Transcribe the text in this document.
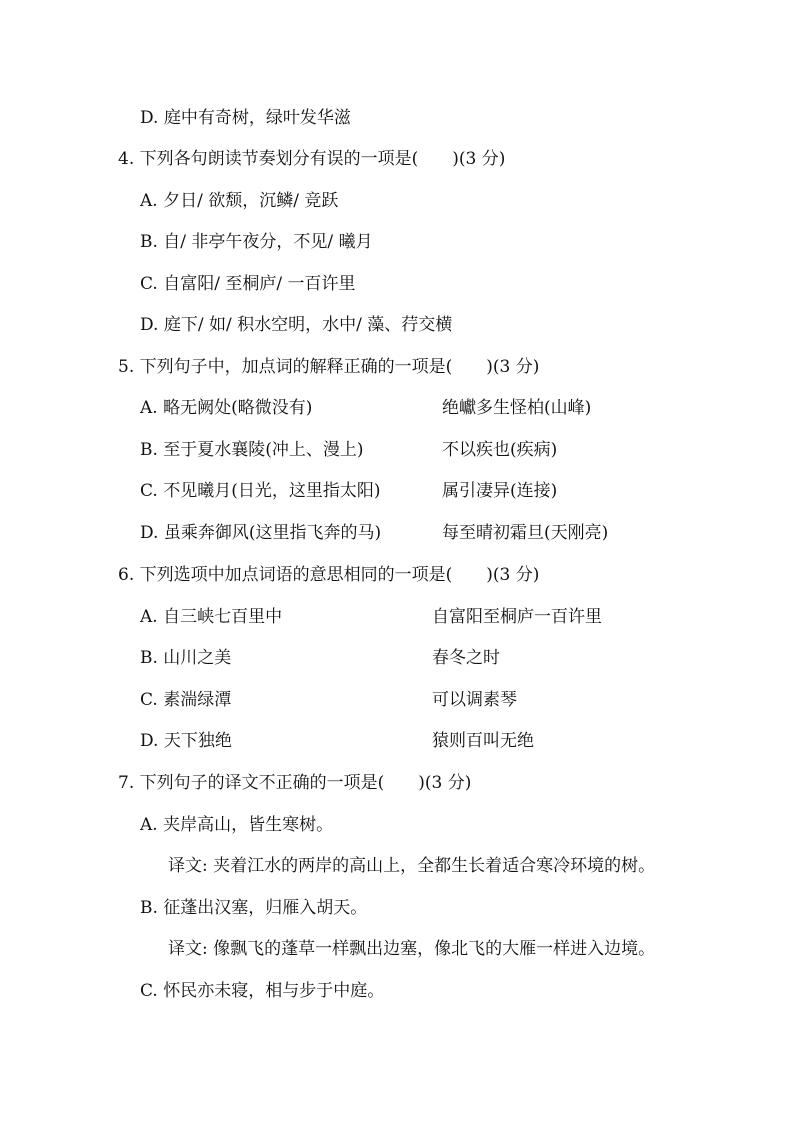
D. 庭中有奇树，绿叶发华滋
4. 下列各句朗读节奏划分有误的一项是(　　)(3 分)
A. 夕日/ 欲颓，沉鳞/ 竞跃
B. 自/ 非亭午夜分，不见/ 曦月
C. 自富阳/ 至桐庐/ 一百许里
D. 庭下/ 如/ 积水空明，水中/ 藻、荇交横
5. 下列句子中，加点词的解释正确的一项是(　　)(3 分)
A. 略无阙处(略微没有)	绝巘多生怪柏(山峰)
B. 至于夏水襄陵(冲上、漫上)	不以疾也(疾病)
C. 不见曦月(日光，这里指太阳)	属引凄异(连接)
D. 虽乘奔御风(这里指飞奔的马)	每至晴初霜旦(天刚亮)
6. 下列选项中加点词语的意思相同的一项是(　　)(3 分)
A. 自三峡七百里中	自富阳至桐庐一百许里
B. 山川之美	春冬之时
C. 素湍绿潭	可以调素琴
D. 天下独绝	猿则百叫无绝
7. 下列句子的译文不正确的一项是(　　)(3 分)
A. 夹岸高山，皆生寒树。
译文: 夹着江水的两岸的高山上，全都生长着适合寒冷环境的树。
B. 征蓬出汉塞，归雁入胡天。
译文: 像飘飞的蓬草一样飘出边塞，像北飞的大雁一样进入边境。
C. 怀民亦未寝，相与步于中庭。
